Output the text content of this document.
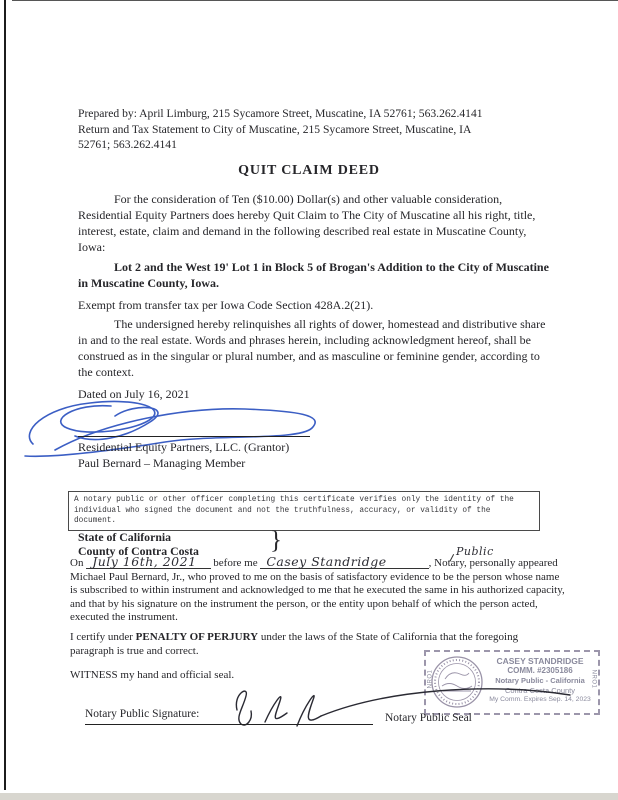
Prepared by: April Limburg, 215 Sycamore Street, Muscatine, IA 52761; 563.262.4141
Return and Tax Statement to City of Muscatine, 215 Sycamore Street, Muscatine, IA
52761; 563.262.4141
QUIT CLAIM DEED

For the consideration of Ten ($10.00) Dollar(s) and other valuable consideration, Residential Equity Partners does hereby Quit Claim to The City of Muscatine all his right, title, interest, estate, claim and demand in the following described real estate in Muscatine County, Iowa:

Lot 2 and the West 19' Lot 1 in Block 5 of Brogan's Addition to the City of Muscatine in Muscatine County, Iowa.

Exempt from transfer tax per Iowa Code Section 428A.2(21).

The undersigned hereby relinquishes all rights of dower, homestead and distributive share in and to the real estate. Words and phrases herein, including acknowledgment hereof, shall be construed as in the singular or plural number, and as masculine or feminine gender, according to the context.

Dated on July 16, 2021

Residential Equity Partners, LLC. (Grantor)
Paul Bernard – Managing Member
A notary public or other officer completing this certificate verifies only the identity of the individual who signed the document and not the truthfulness, accuracy, or validity of the document.
State of California
County of Contra Costa	}

On July 16th, 2021 before me Casey Standridge	, Notary, personally appeared Michael Paul Bernard, Jr., who proved to me on the basis of satisfactory evidence to be the person whose name is subscribed to within instrument and acknowledged to me that he executed the same in his authorized capacity, and that by his signature on the instrument the person, or the entity upon behalf of which the person acted, executed the instrument.
Public

I certify under PENALTY OF PERJURY under the laws of the State of California that the foregoing paragraph is true and correct.

WITNESS my hand and official seal.	NRO1
CASEY STANDRIDGE
COMM. #2305186
Notary Public - California
Contra Costa County
My Comm. Expires Sep. 14, 2023
NRO1
Notary Public Signature:	Notary Public Seal
